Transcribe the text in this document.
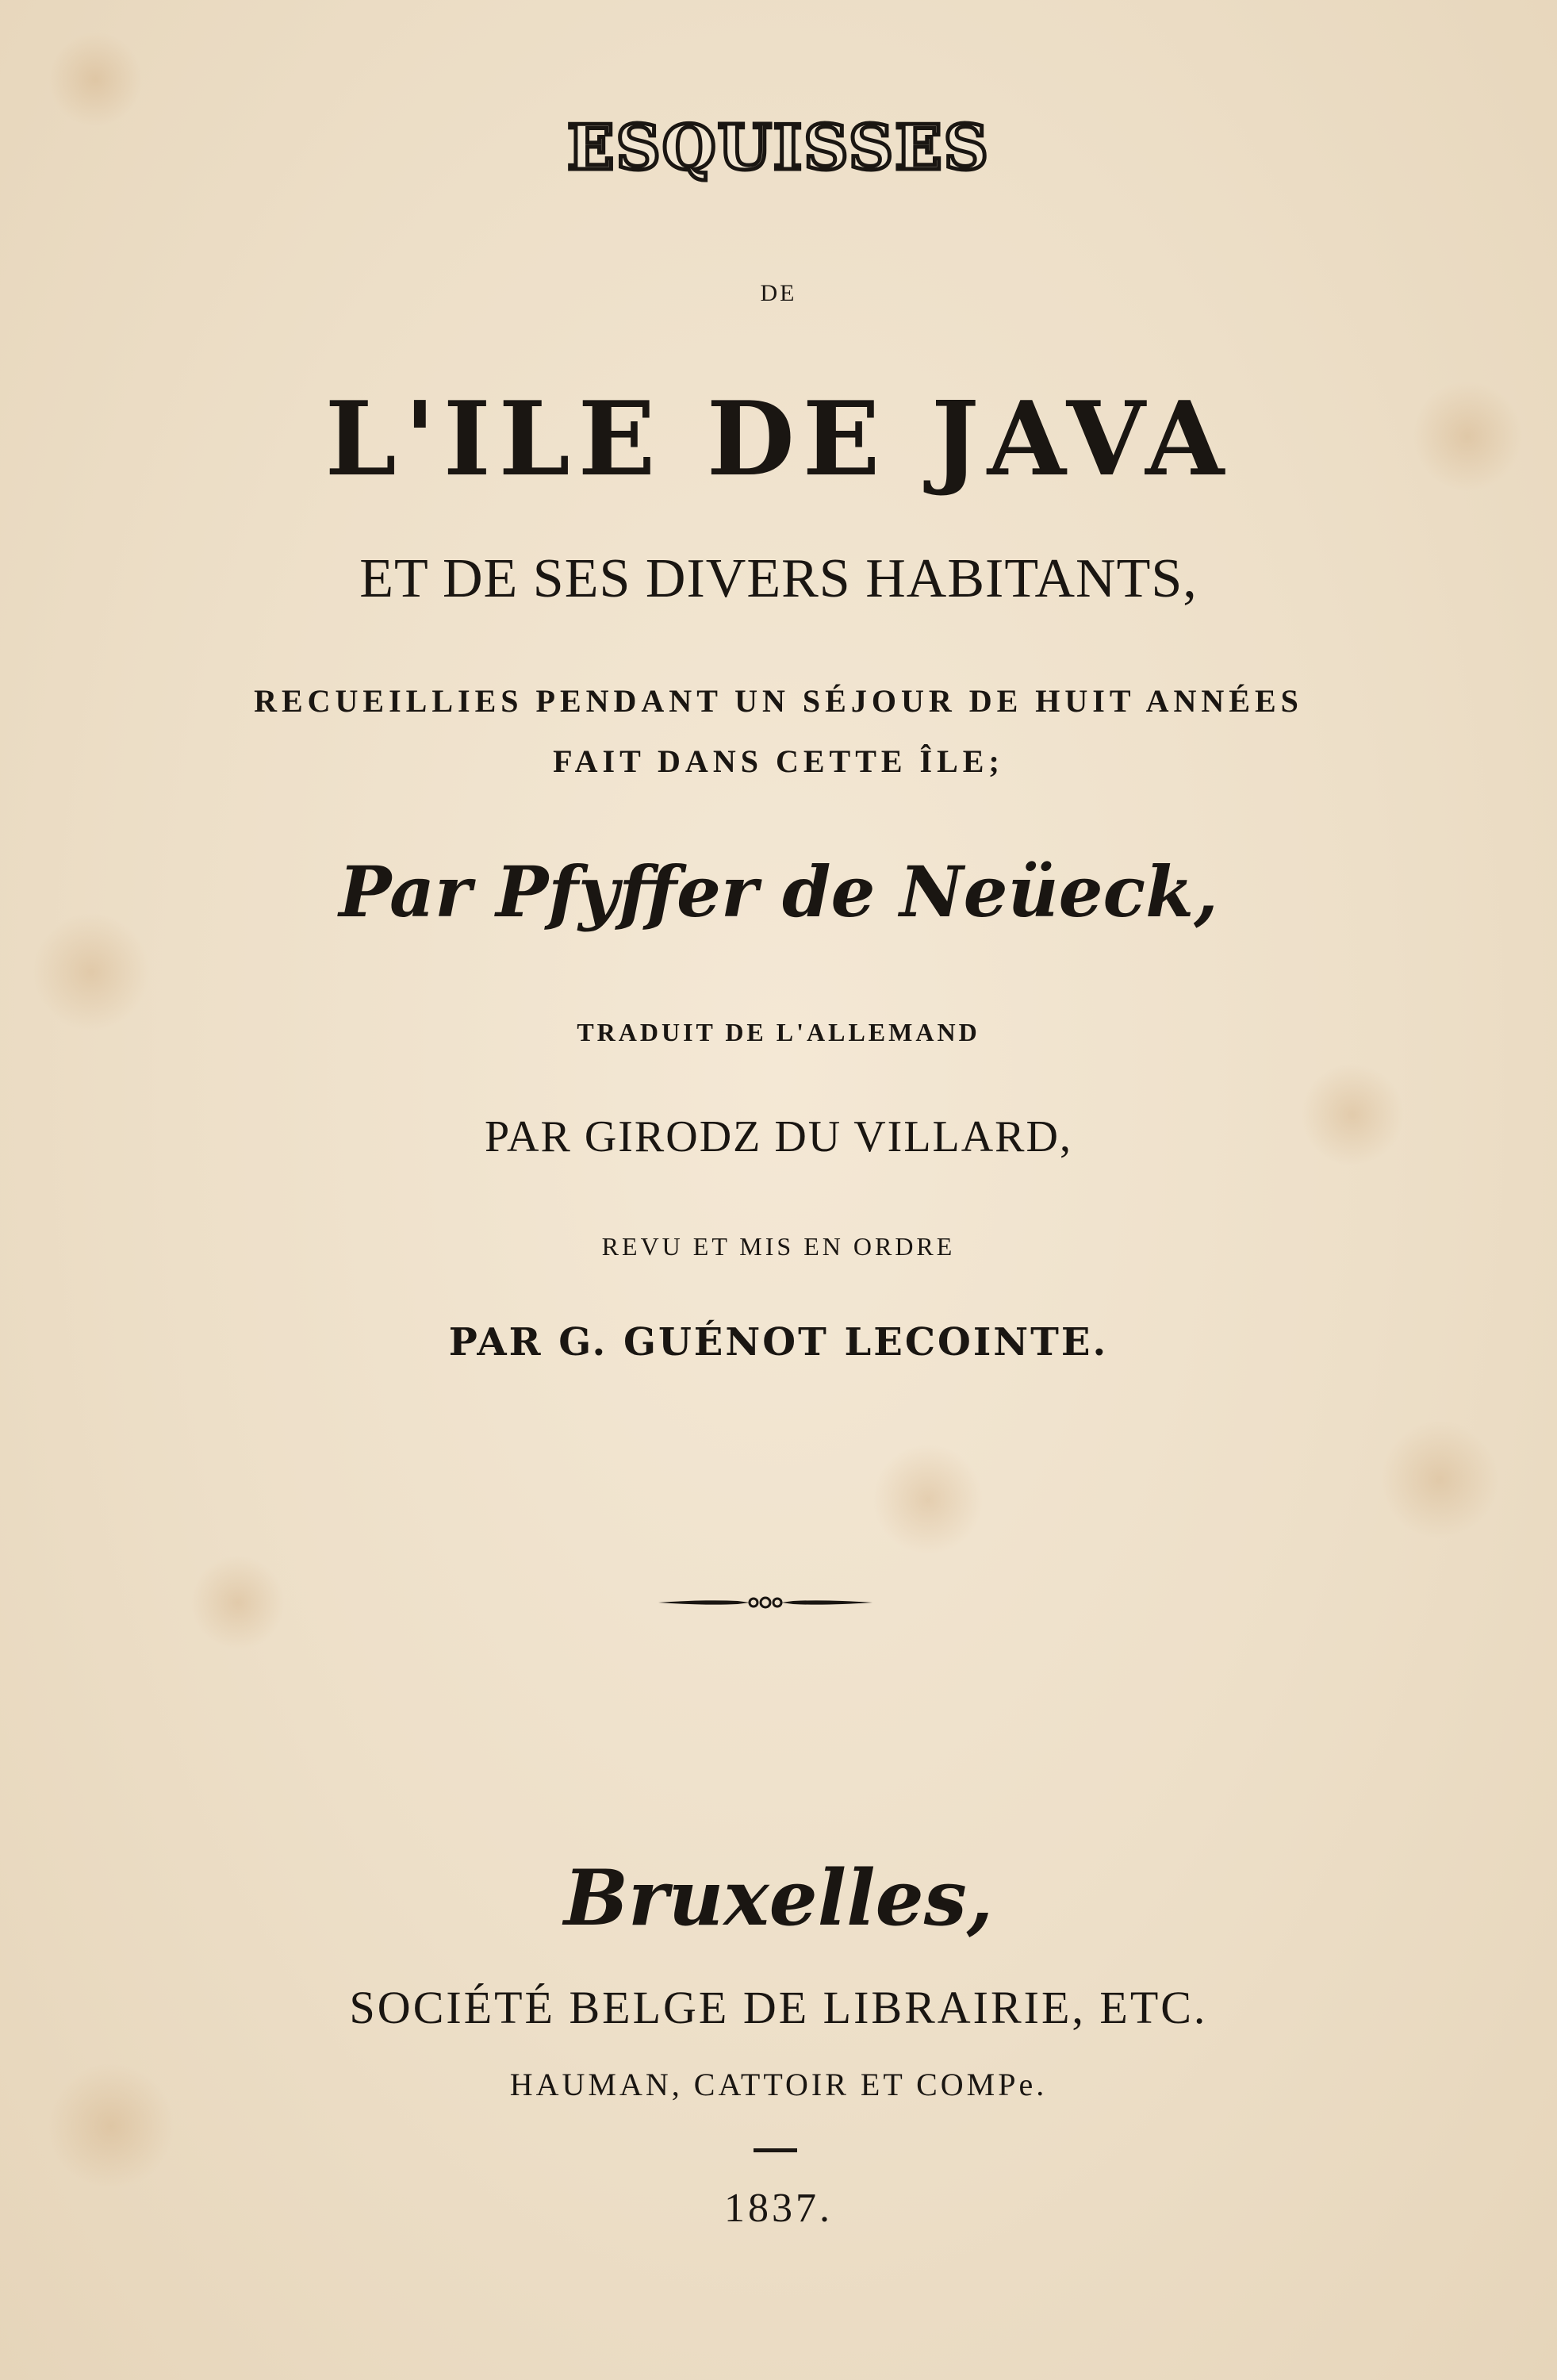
ESQUISSES
DE
L'ILE DE JAVA
ET DE SES DIVERS HABITANTS,
RECUEILLIES PENDANT UN SÉJOUR DE HUIT ANNÉES
FAIT DANS CETTE ÎLE;
Par Pfyffer de Neüeck,
TRADUIT DE L'ALLEMAND
PAR GIRODZ DU VILLARD,
REVU ET MIS EN ORDRE
PAR G. GUÉNOT LECOINTE.
Bruxelles,
SOCIÉTÉ BELGE DE LIBRAIRIE, ETC.
HAUMAN, CATTOIR ET COMPe.
1837.
